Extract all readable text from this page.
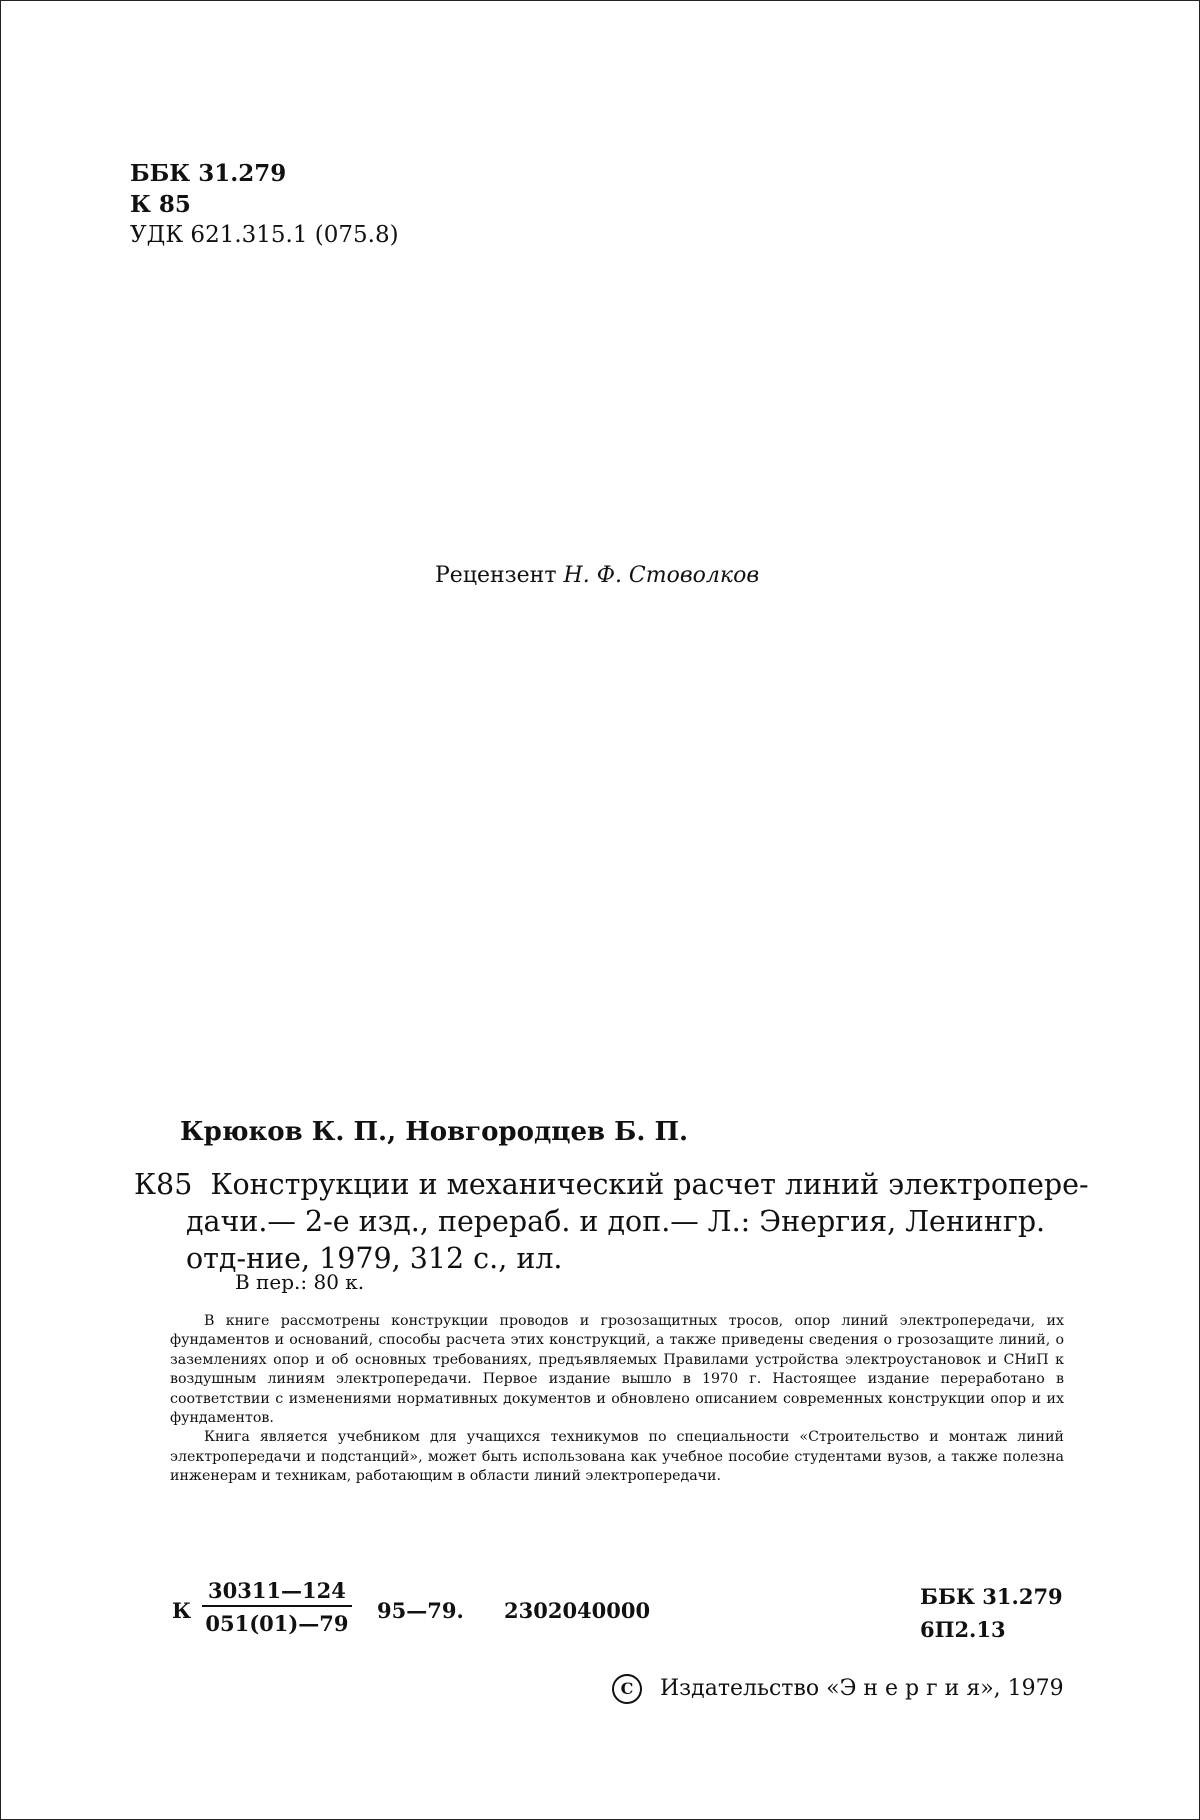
ББК 31.279
К 85
УДК 621.315.1 (075.8)
Рецензент Н. Ф. Стоволков
Крюков К. П., Новгородцев Б. П.
К85 Конструкции и механический расчет линий электропере-
дачи.— 2-е изд., перераб. и доп.— Л.: Энергия, Ленингр.
отд-ние, 1979, 312 с., ил.
В пер.: 80 к.

В книге рассмотрены конструкции проводов и грозозащитных тросов, опор линий электропередачи, их фундаментов и оснований, способы расчета этих конструкций, а также приведены сведения о грозозащите линий, о заземлениях опор и об основных требованиях, предъявляемых Правилами устройства электроустановок и СНиП к воздушным линиям электропередачи. Первое издание вышло в 1970 г. Настоящее издание переработано в соответствии с изменениями нормативных документов и обновлено описанием современных конструкции опор и их фундаментов.

Книга является учебником для учащихся техникумов по специальности «Строительство и монтаж линий электропередачи и подстанций», может быть использована как учебное пособие студентами вузов, а также полезна инженерам и техникам, работающим в области линий электропередачи.

К $\frac{30311—124}{051(01)—79}$ 95—79. 2302040000
ББК 31.279
6П2.13
C Издательство «Э н е р г и я», 1979
